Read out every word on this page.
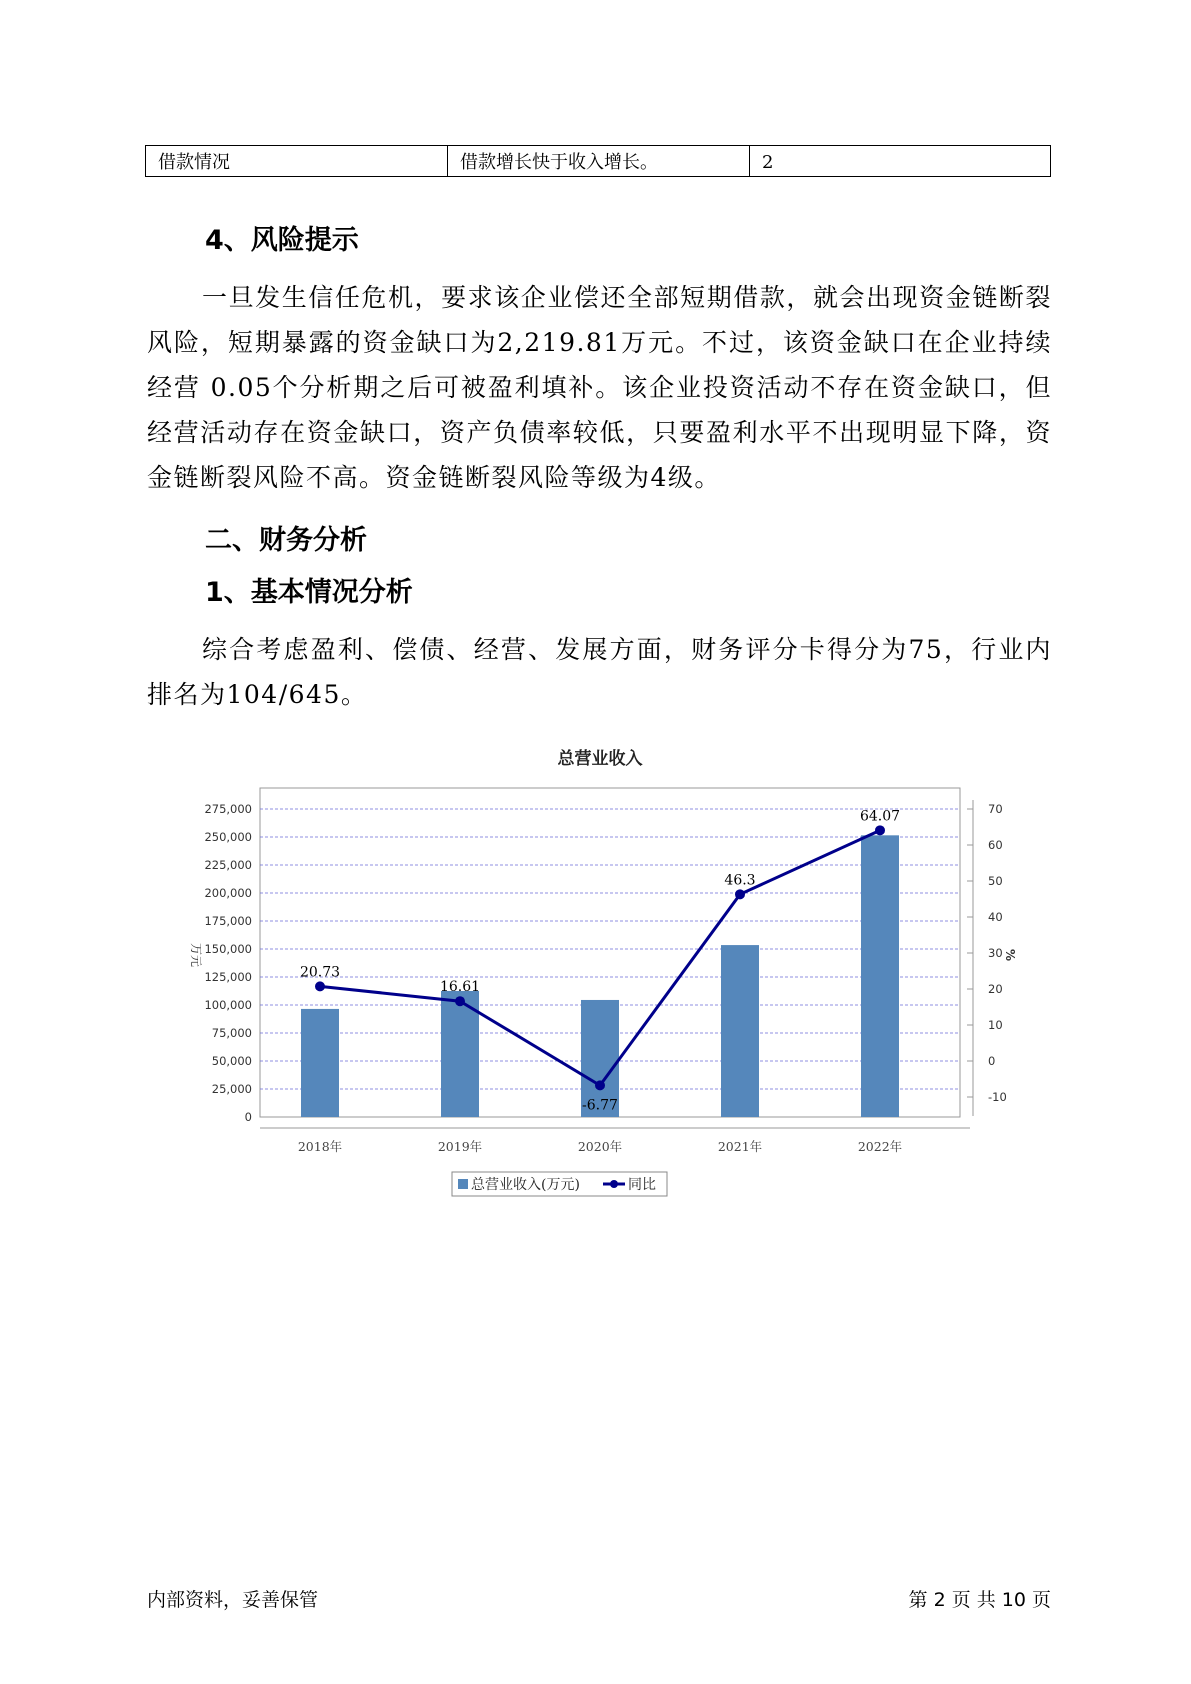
借款情况	借款增长快于收入增长。	2
4、风险提示
一旦发生信任危机，要求该企业偿还全部短期借款，就会出现资金链断裂风险，短期暴露的资金缺口为2,219.81万元。不过，该资金缺口在企业持续经营 0.05个分析期之后可被盈利填补。该企业投资活动不存在资金缺口，但经营活动存在资金缺口，资产负债率较低，只要盈利水平不出现明显下降，资金链断裂风险不高。资金链断裂风险等级为4级。
二、财务分析
1、基本情况分析
综合考虑盈利、偿债、经营、发展方面，财务评分卡得分为75，行业内排名为104/645。
总营业收入
0
25,000
50,000
75,000
100,000
125,000
150,000
175,000
200,000
225,000
250,000
275,000
万元
-10
0
10
20
30
40
50
60
70
%
2018年	2019年	2020年	2021年	2022年
20.73
16.61
-6.77
46.3
64.07
总营业收入(万元)	同比
内部资料，妥善保管	第 2 页 共 10 页
